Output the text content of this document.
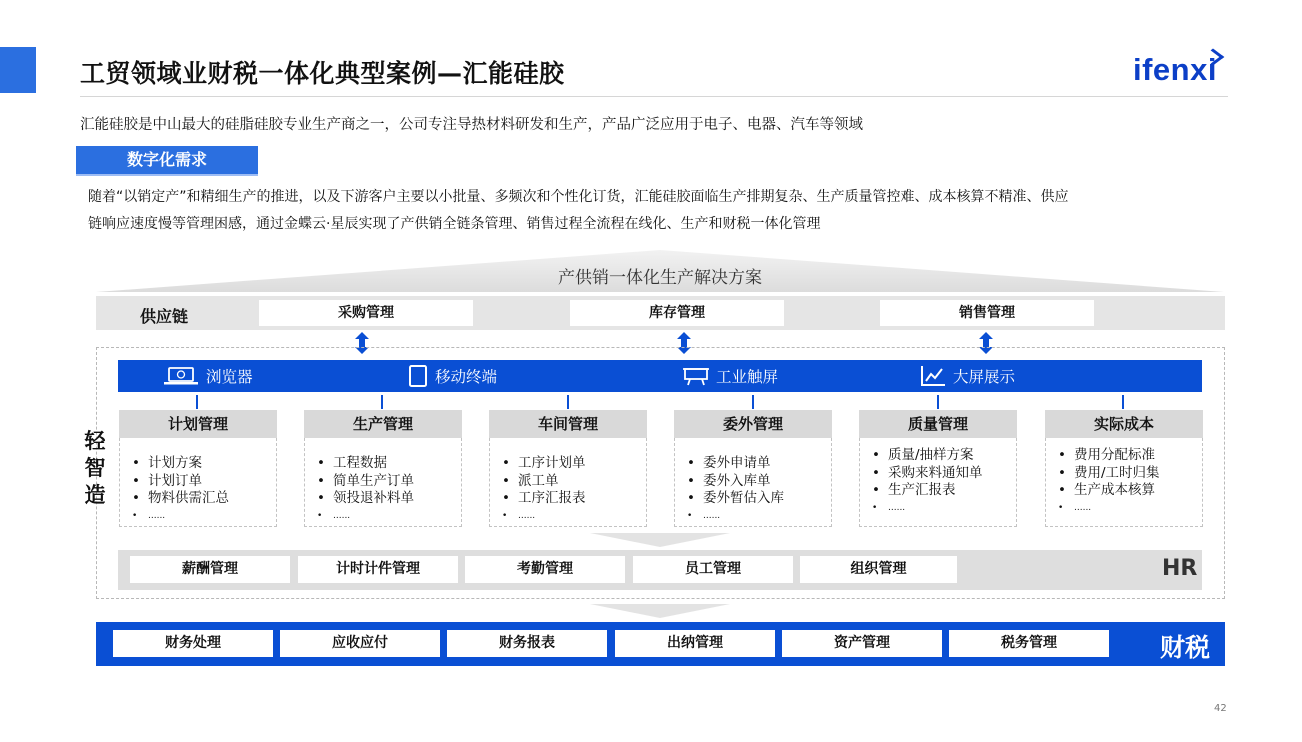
工贸领域业财税一体化典型案例—汇能硅胶	ifenxi
汇能硅胶是中山最大的硅脂硅胶专业生产商之一，公司专注导热材料研发和生产，产品广泛应用于电子、电器、汽车等领域
数字化需求
随着“以销定产”和精细生产的推进，以及下游客户主要以小批量、多频次和个性化订货，汇能硅胶面临生产排期复杂、生产质量管控难、成本核算不精准、供应
链响应速度慢等管理困感，通过金蝶云·星辰实现了产供销全链条管理、销售过程全流程在线化、生产和财税一体化管理
产供销一体化生产解决方案
供应链	采购管理	库存管理	销售管理
浏览器	移动终端	工业触屏	大屏展示
轻
智
造
计划管理
• 计划方案
• 计划订单
• 物料供需汇总
• ......
生产管理
• 工程数据
• 简单生产订单
• 领投退补料单
• ......
车间管理
• 工序计划单
• 派工单
• 工序汇报表
• ......
委外管理
• 委外申请单
• 委外入库单
• 委外暂估入库
• ......
质量管理
• 质量/抽样方案
• 采购来料通知单
• 生产汇报表
• ......
实际成本
• 费用分配标准
• 费用/工时归集
• 生产成本核算
• ......
薪酬管理	计时计件管理	考勤管理	员工管理	组织管理	HR
财务处理	应收应付	财务报表	出纳管理	资产管理	税务管理	财税
42
